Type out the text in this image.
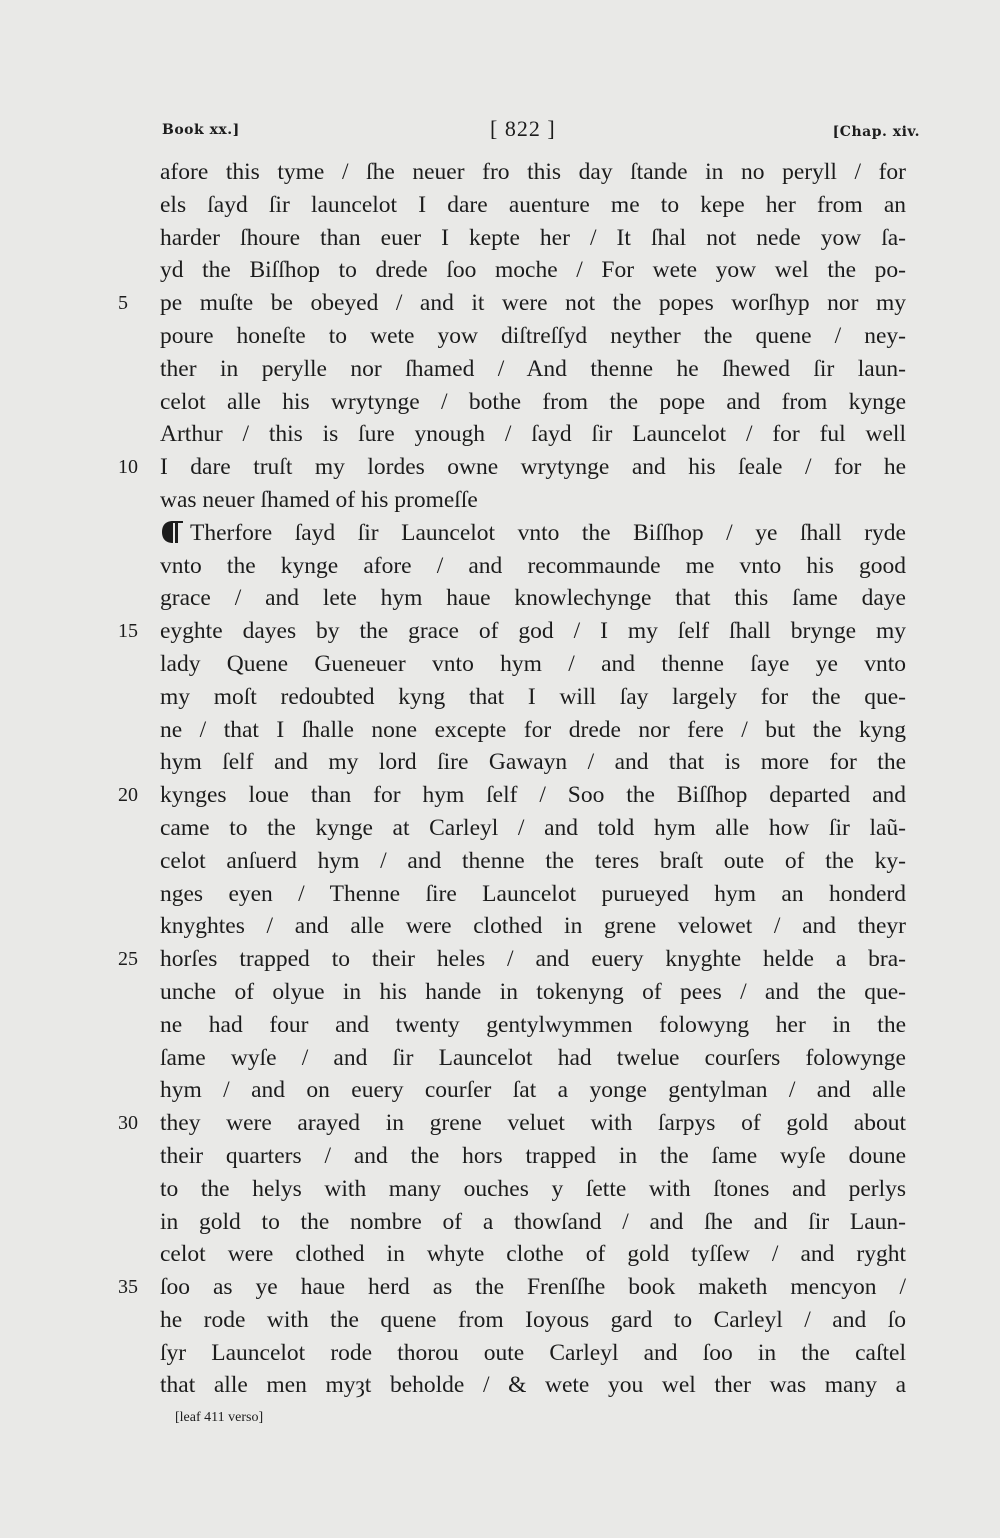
Book xx.]	[ 822 ]	[Chap. xiv.
afore this tyme / ſhe neuer fro this day ſtande in no peryll / for
els ſayd ſir launcelot I dare auenture me to kepe her from an
harder ſhoure than euer I kepte her / It ſhal not nede yow ſa-
yd the Biſſhop to drede ſoo moche / For wete yow wel the po-
5	pe muſte be obeyed / and it were not the popes worſhyp nor my
poure honeſte to wete yow diſtreſſyd neyther the quene / ney-
ther in perylle nor ſhamed / And thenne he ſhewed ſir laun-
celot alle his wrytynge / bothe from the pope and from kynge
Arthur / this is ſure ynough / ſayd ſir Launcelot / for ful well
10 I dare truſt my lordes owne wrytynge and his ſeale / for he
was neuer ſhamed of his promeſſe
Therfore ſayd ſir Launcelot vnto the Biſſhop / ye ſhall ryde
vnto the kynge afore / and recommaunde me vnto his good
grace / and lete hym haue knowlechynge that this ſame daye
15 eyghte dayes by the grace of god / I my ſelf ſhall brynge my
lady Quene Gueneuer vnto hym / and thenne ſaye ye vnto
my moſt redoubted kyng that I will ſay largely for the que-
ne / that I ſhalle none excepte for drede nor fere / but the kyng
hym ſelf and my lord ſire Gawayn / and that is more for the
20 kynges loue than for hym ſelf / Soo the Biſſhop departed and
came to the kynge at Carleyl / and told hym alle how ſir laũ-
celot anſuerd hym / and thenne the teres braſt oute of the ky-
nges eyen / Thenne ſire Launcelot purueyed hym an honderd
knyghtes / and alle were clothed in grene velowet / and theyr
25 horſes trapped to their heles / and euery knyghte helde a bra-
unche of olyue in his hande in tokenyng of pees / and the que-
ne had four and twenty gentylwymmen folowyng her in the
ſame wyſe / and ſir Launcelot had twelue courſers folowynge
hym / and on euery courſer ſat a yonge gentylman / and alle
30 they were arayed in grene veluet with ſarpys of gold about
their quarters / and the hors trapped in the ſame wyſe doune
to the helys with many ouches y ſette with ſtones and perlys
in gold to the nombre of a thowſand / and ſhe and ſir Laun-
celot were clothed in whyte clothe of gold tyſſew / and ryght
35 ſoo as ye haue herd as the Frenſſhe book maketh mencyon /
he rode with the quene from Ioyous gard to Carleyl / and ſo
ſyr Launcelot rode thorou oute Carleyl and ſoo in the caſtel
that alle men myȝt beholde / & wete you wel ther was many a
[leaf 411 verso]
